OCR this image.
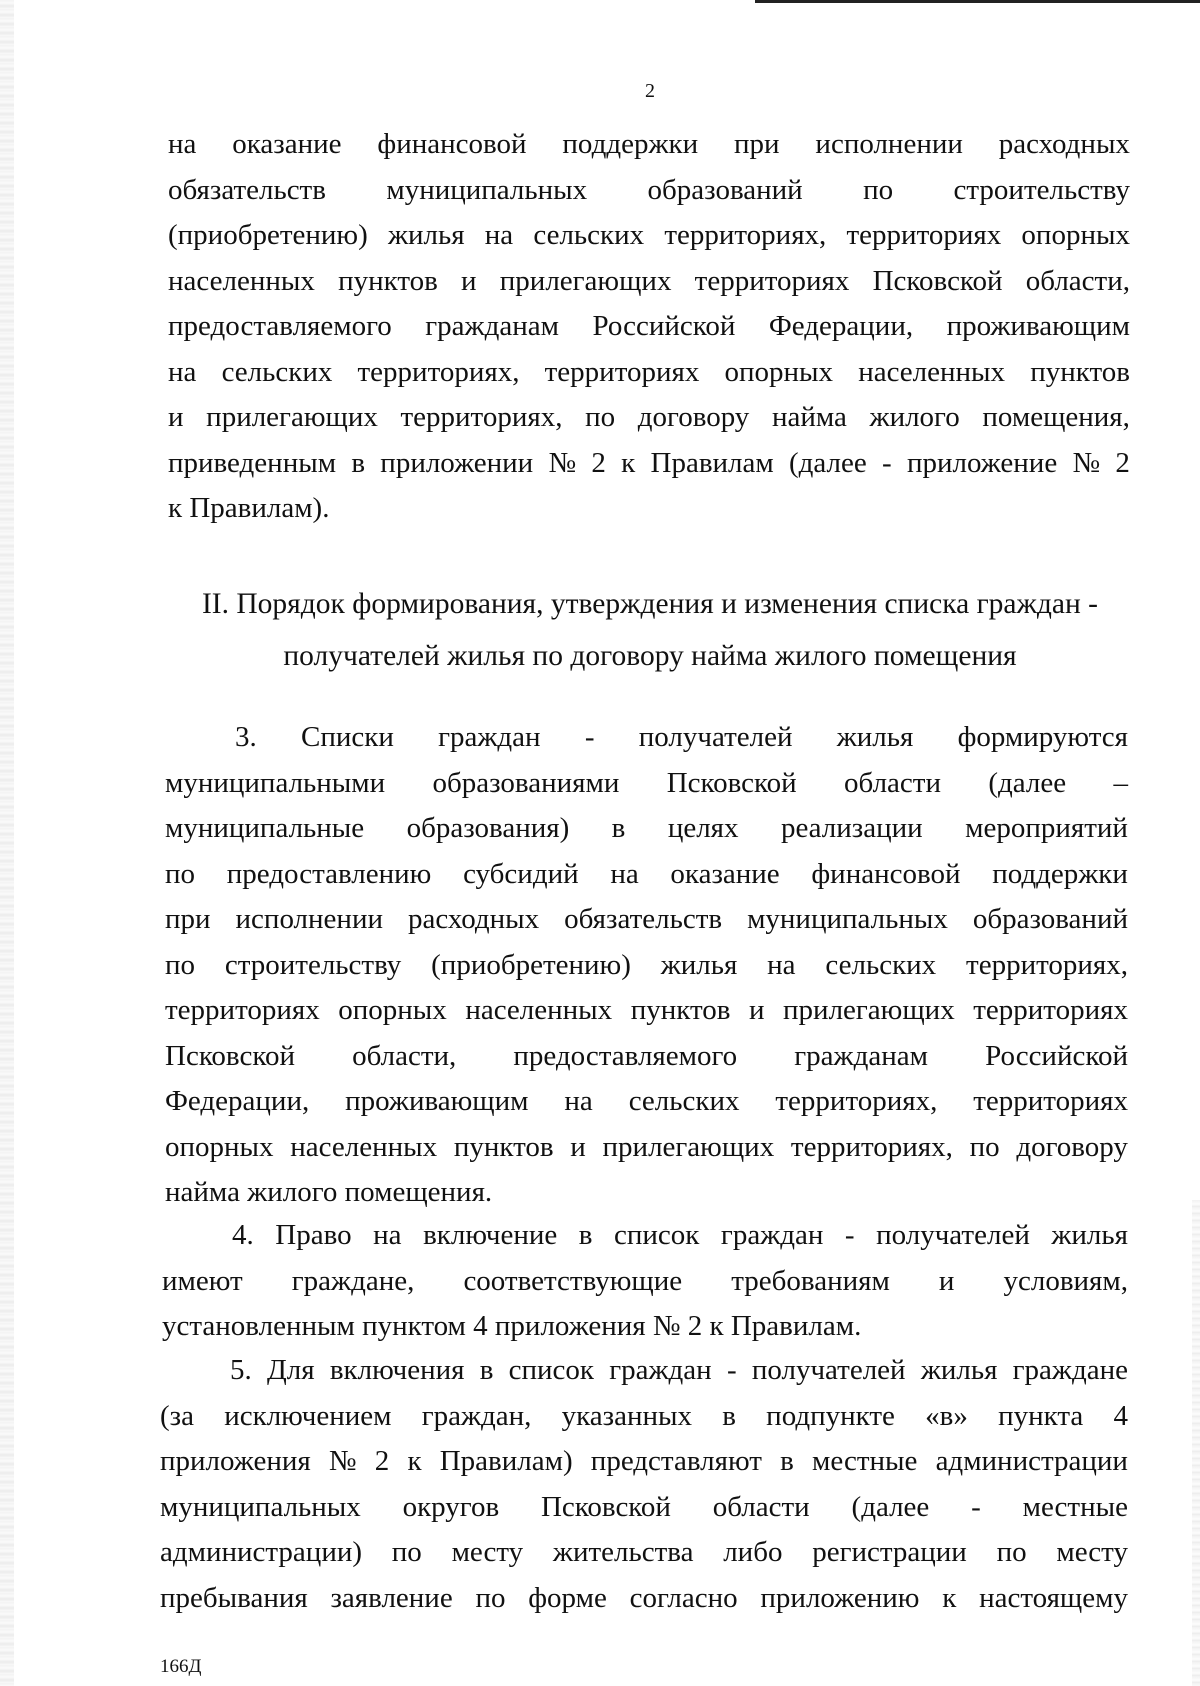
2
на оказание финансовой поддержки при исполнении расходных
обязательств муниципальных образований по строительству
(приобретению) жилья на сельских территориях, территориях опорных
населенных пунктов и прилегающих территориях Псковской области,
предоставляемого гражданам Российской Федерации, проживающим
на сельских территориях, территориях опорных населенных пунктов
и прилегающих территориях, по договору найма жилого помещения,
приведенным в приложении № 2 к Правилам (далее - приложение № 2
к Правилам).
II. Порядок формирования, утверждения и изменения списка граждан -
получателей жилья по договору найма жилого помещения
3. Списки граждан - получателей жилья формируются
муниципальными образованиями Псковской области (далее –
муниципальные образования) в целях реализации мероприятий
по предоставлению субсидий на оказание финансовой поддержки
при исполнении расходных обязательств муниципальных образований
по строительству (приобретению) жилья на сельских территориях,
территориях опорных населенных пунктов и прилегающих территориях
Псковской области, предоставляемого гражданам Российской
Федерации, проживающим на сельских территориях, территориях
опорных населенных пунктов и прилегающих территориях, по договору
найма жилого помещения.
4. Право на включение в список граждан - получателей жилья
имеют граждане, соответствующие требованиям и условиям,
установленным пунктом 4 приложения № 2 к Правилам.
5. Для включения в список граждан - получателей жилья граждане
(за исключением граждан, указанных в подпункте «в» пункта 4
приложения № 2 к Правилам) представляют в местные администрации
муниципальных округов Псковской области (далее - местные
администрации) по месту жительства либо регистрации по месту
пребывания заявление по форме согласно приложению к настоящему
166Д
